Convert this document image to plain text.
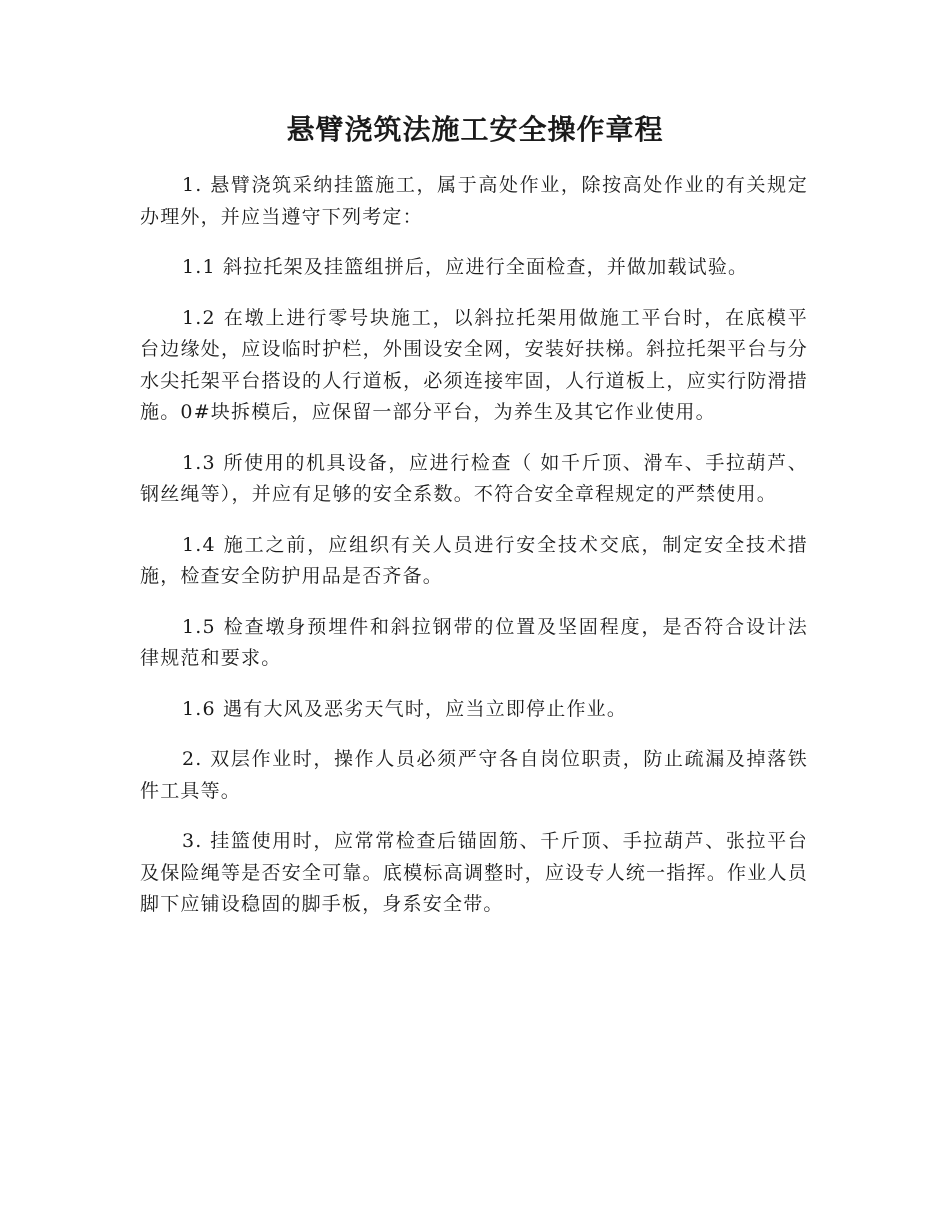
悬臂浇筑法施工安全操作章程

1. 悬臂浇筑采纳挂篮施工，属于高处作业，除按高处作业的有关规定办理外，并应当遵守下列考定：

1.1 斜拉托架及挂篮组拼后，应进行全面检查，并做加载试验。

1.2 在墩上进行零号块施工，以斜拉托架用做施工平台时，在底模平台边缘处，应设临时护栏，外围设安全网，安装好扶梯。斜拉托架平台与分水尖托架平台搭设的人行道板，必须连接牢固，人行道板上，应实行防滑措施。0#块拆模后，应保留一部分平台，为养生及其它作业使用。

1.3 所使用的机具设备，应进行检查（ 如千斤顶、滑车、手拉葫芦、钢丝绳等），并应有足够的安全系数。不符合安全章程规定的严禁使用。

1.4 施工之前，应组织有关人员进行安全技术交底，制定安全技术措施，检查安全防护用品是否齐备。

1.5 检查墩身预埋件和斜拉钢带的位置及坚固程度，是否符合设计法律规范和要求。

1.6 遇有大风及恶劣天气时，应当立即停止作业。

2. 双层作业时，操作人员必须严守各自岗位职责，防止疏漏及掉落铁件工具等。

3. 挂篮使用时，应常常检查后锚固筋、千斤顶、手拉葫芦、张拉平台及保险绳等是否安全可靠。底模标高调整时，应设专人统一指挥。作业人员脚下应铺设稳固的脚手板，身系安全带。
